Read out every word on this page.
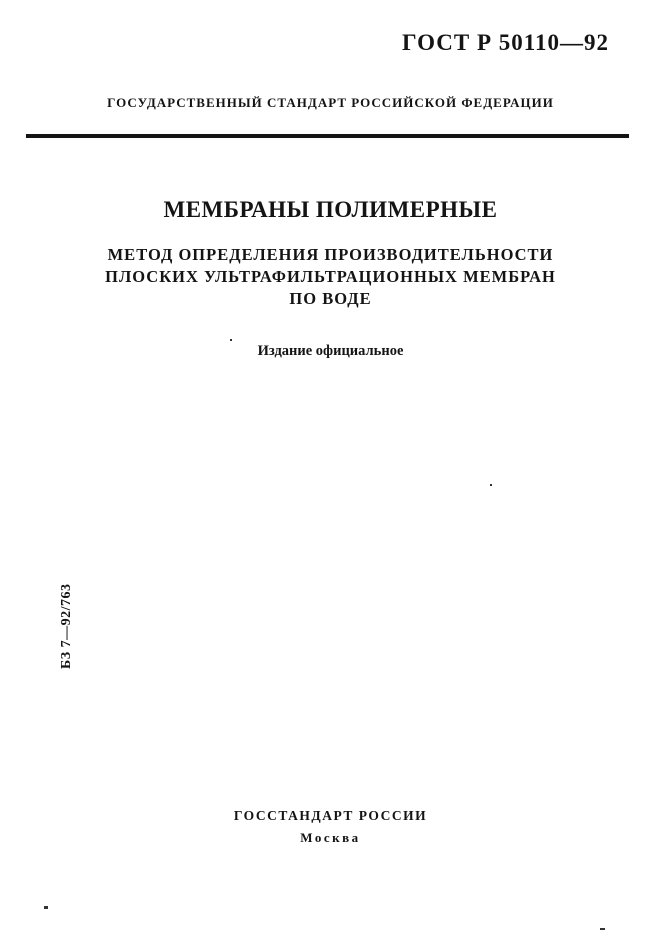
ГОСТ Р 50110—92
ГОСУДАРСТВЕННЫЙ СТАНДАРТ РОССИЙСКОЙ ФЕДЕРАЦИИ
МЕМБРАНЫ ПОЛИМЕРНЫЕ
МЕТОД ОПРЕДЕЛЕНИЯ ПРОИЗВОДИТЕЛЬНОСТИ
ПЛОСКИХ УЛЬТРАФИЛЬТРАЦИОННЫХ МЕМБРАН
ПО ВОДЕ
Издание официальное
БЗ 7—92/763
ГОССТАНДАРТ РОССИИ
Москва
